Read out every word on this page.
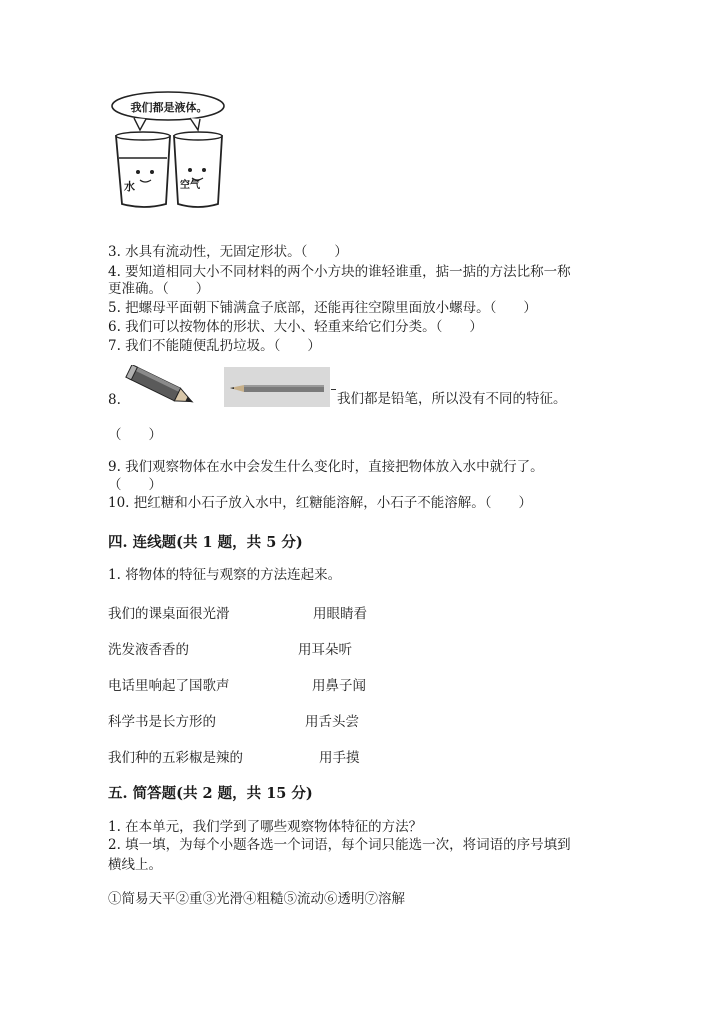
我们都是液体。
水	空气
3. 水具有流动性，无固定形状。（　　）
4. 要知道相同大小不同材料的两个小方块的谁轻谁重，掂一掂的方法比称一称
更准确。（　　）
5. 把螺母平面朝下铺满盒子底部，还能再往空隙里面放小螺母。（　　）
6. 我们可以按物体的形状、大小、轻重来给它们分类。（　　）
7. 我们不能随便乱扔垃圾。（　　）
8.	我们都是铅笔，所以没有不同的特征。
（　　）
9. 我们观察物体在水中会发生什么变化时，直接把物体放入水中就行了。
（　　）
10. 把红糖和小石子放入水中，红糖能溶解，小石子不能溶解。（　　）
四. 连线题(共 1 题，共 5 分)
1. 将物体的特征与观察的方法连起来。
我们的课桌面很光滑	用眼睛看
洗发液香香的	用耳朵听
电话里响起了国歌声	用鼻子闻
科学书是长方形的	用舌头尝
我们种的五彩椒是辣的	用手摸
五. 简答题(共 2 题，共 15 分)
1. 在本单元，我们学到了哪些观察物体特征的方法？
2. 填一填，为每个小题各选一个词语，每个词只能选一次，将词语的序号填到
横线上。
①简易天平②重③光滑④粗糙⑤流动⑥透明⑦溶解
